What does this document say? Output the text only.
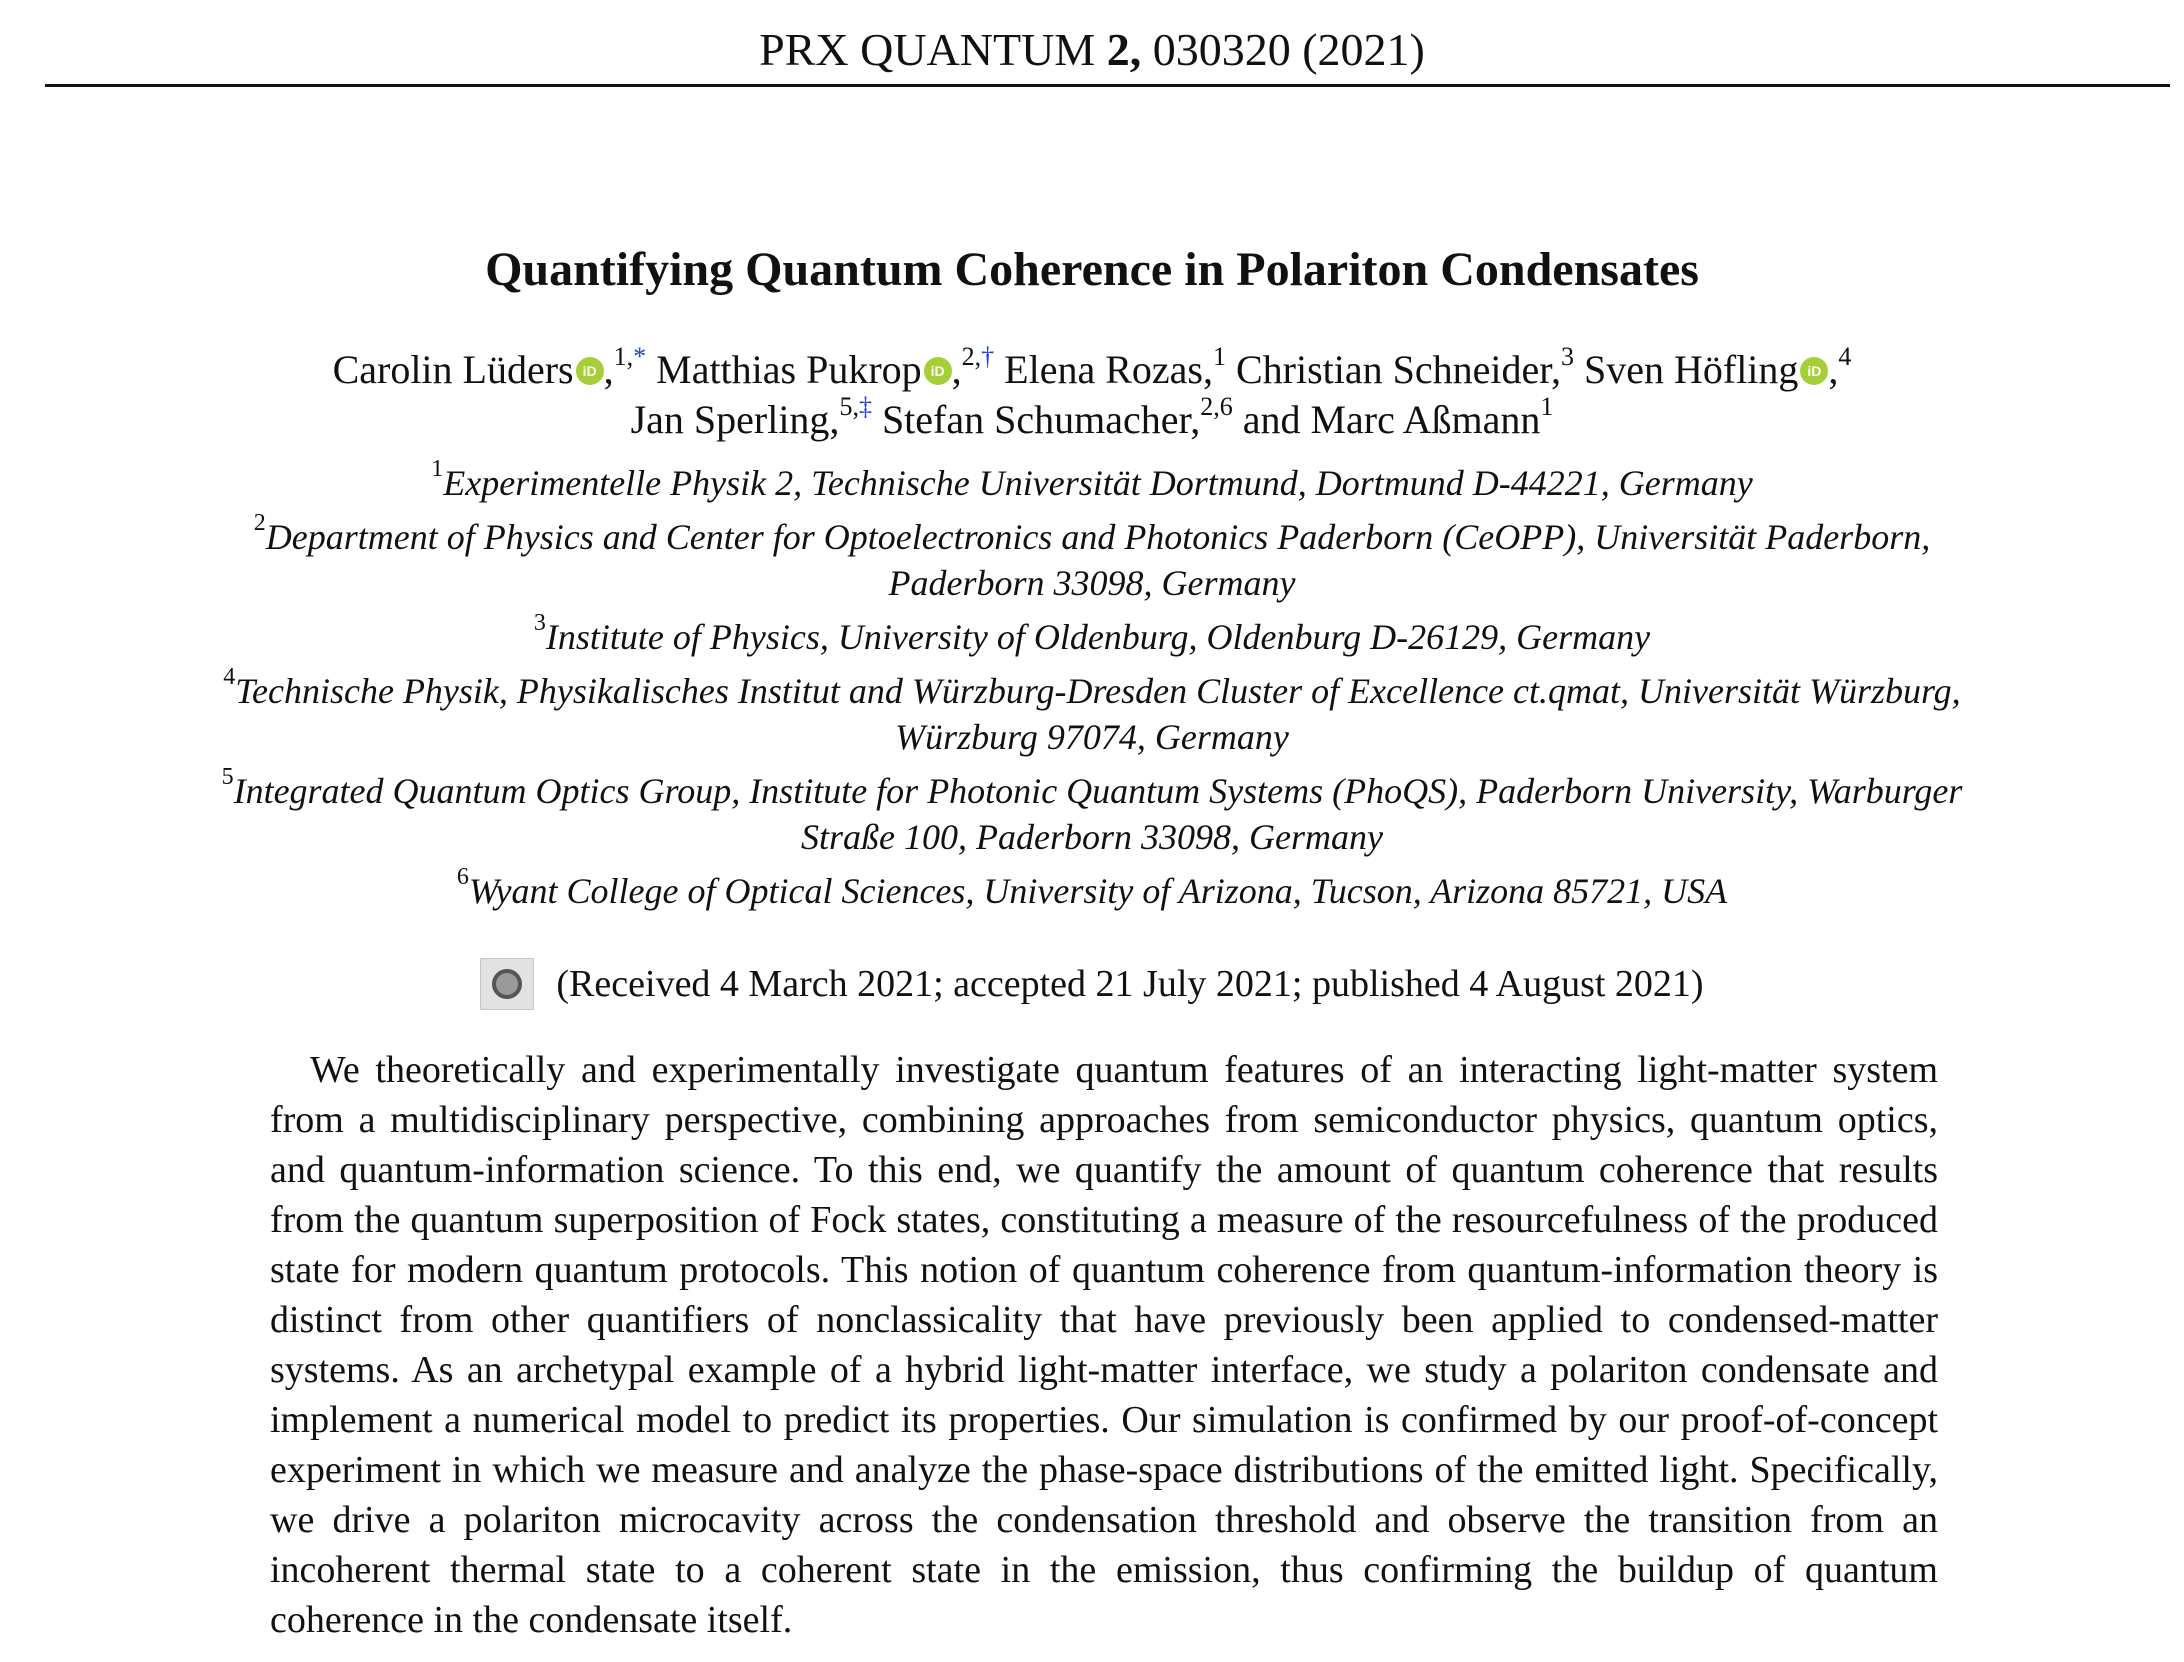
PRX QUANTUM 2, 030320 (2021)
Quantifying Quantum Coherence in Polariton Condensates
Carolin Lüders iD ,$^{1,*}$ Matthias Pukrop iD ,$^{2,\dagger}$ Elena Rozas,$^1$ Christian Schneider,$^3$ Sven Höfling iD ,$^4$
Jan Sperling,$^{5,\ddagger}$ Stefan Schumacher,$^{2,6}$ and Marc Aßmann$^1$
$^1$Experimentelle Physik 2, Technische Universität Dortmund, Dortmund D-44221, Germany
$^2$Department of Physics and Center for Optoelectronics and Photonics Paderborn (CeOPP), Universität Paderborn, Paderborn 33098, Germany
$^3$Institute of Physics, University of Oldenburg, Oldenburg D-26129, Germany
$^4$Technische Physik, Physikalisches Institut and Würzburg-Dresden Cluster of Excellence ct.qmat, Universität Würzburg, Würzburg 97074, Germany
$^5$Integrated Quantum Optics Group, Institute for Photonic Quantum Systems (PhoQS), Paderborn University, Warburger Straße 100, Paderborn 33098, Germany
$^6$Wyant College of Optical Sciences, University of Arizona, Tucson, Arizona 85721, USA
(Received 4 March 2021; accepted 21 July 2021; published 4 August 2021)

We theoretically and experimentally investigate quantum features of an interacting light-matter system from a multidisciplinary perspective, combining approaches from semiconductor physics, quantum optics, and quantum-information science. To this end, we quantify the amount of quantum coherence that results from the quantum superposition of Fock states, constituting a measure of the resourcefulness of the produced state for modern quantum protocols. This notion of quantum coherence from quantum-information theory is distinct from other quantifiers of nonclassicality that have previously been applied to condensed-matter systems. As an archetypal example of a hybrid light-matter interface, we study a polariton condensate and implement a numerical model to predict its properties. Our simulation is confirmed by our proof-of-concept experiment in which we measure and analyze the phase-space distributions of the emitted light. Specifically, we drive a polariton microcavity across the condensation threshold and observe the transition from an incoherent thermal state to a coherent state in the emission, thus confirming the buildup of quantum coherence in the condensate itself.
